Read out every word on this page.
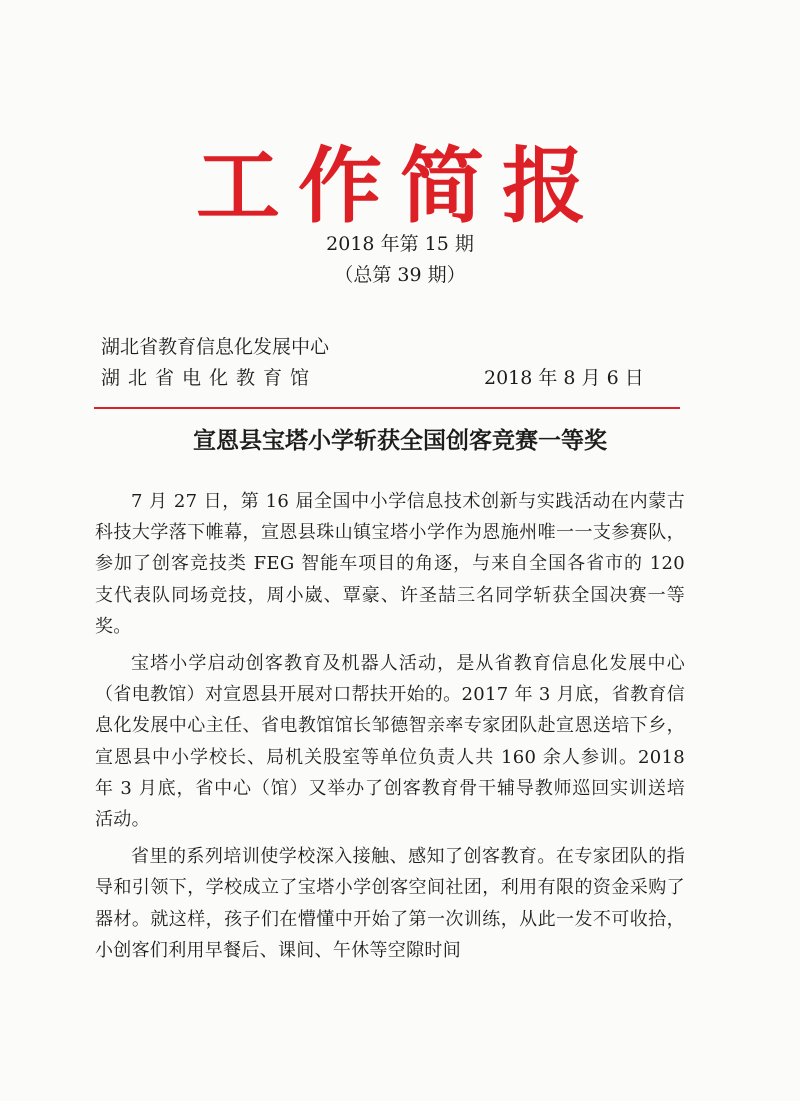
工作简报
2018 年第 15 期
（总第 39 期）
湖北省教育信息化发展中心
湖北省电化教育馆	2018 年 8 月 6 日
宣恩县宝塔小学斩获全国创客竞赛一等奖

7 月 27 日，第 16 届全国中小学信息技术创新与实践活动在内蒙古科技大学落下帷幕，宣恩县珠山镇宝塔小学作为恩施州唯一一支参赛队，参加了创客竞技类 FEG 智能车项目的角逐，与来自全国各省市的 120 支代表队同场竞技，周小崴、覃豪、许圣喆三名同学斩获全国决赛一等奖。

宝塔小学启动创客教育及机器人活动，是从省教育信息化发展中心（省电教馆）对宣恩县开展对口帮扶开始的。2017 年 3 月底，省教育信息化发展中心主任、省电教馆馆长邹德智亲率专家团队赴宣恩送培下乡，宣恩县中小学校长、局机关股室等单位负责人共 160 余人参训。2018 年 3 月底，省中心（馆）又举办了创客教育骨干辅导教师巡回实训送培活动。

省里的系列培训使学校深入接触、感知了创客教育。在专家团队的指导和引领下，学校成立了宝塔小学创客空间社团，利用有限的资金采购了器材。就这样，孩子们在懵懂中开始了第一次训练，从此一发不可收拾，小创客们利用早餐后、课间、午休等空隙时间
